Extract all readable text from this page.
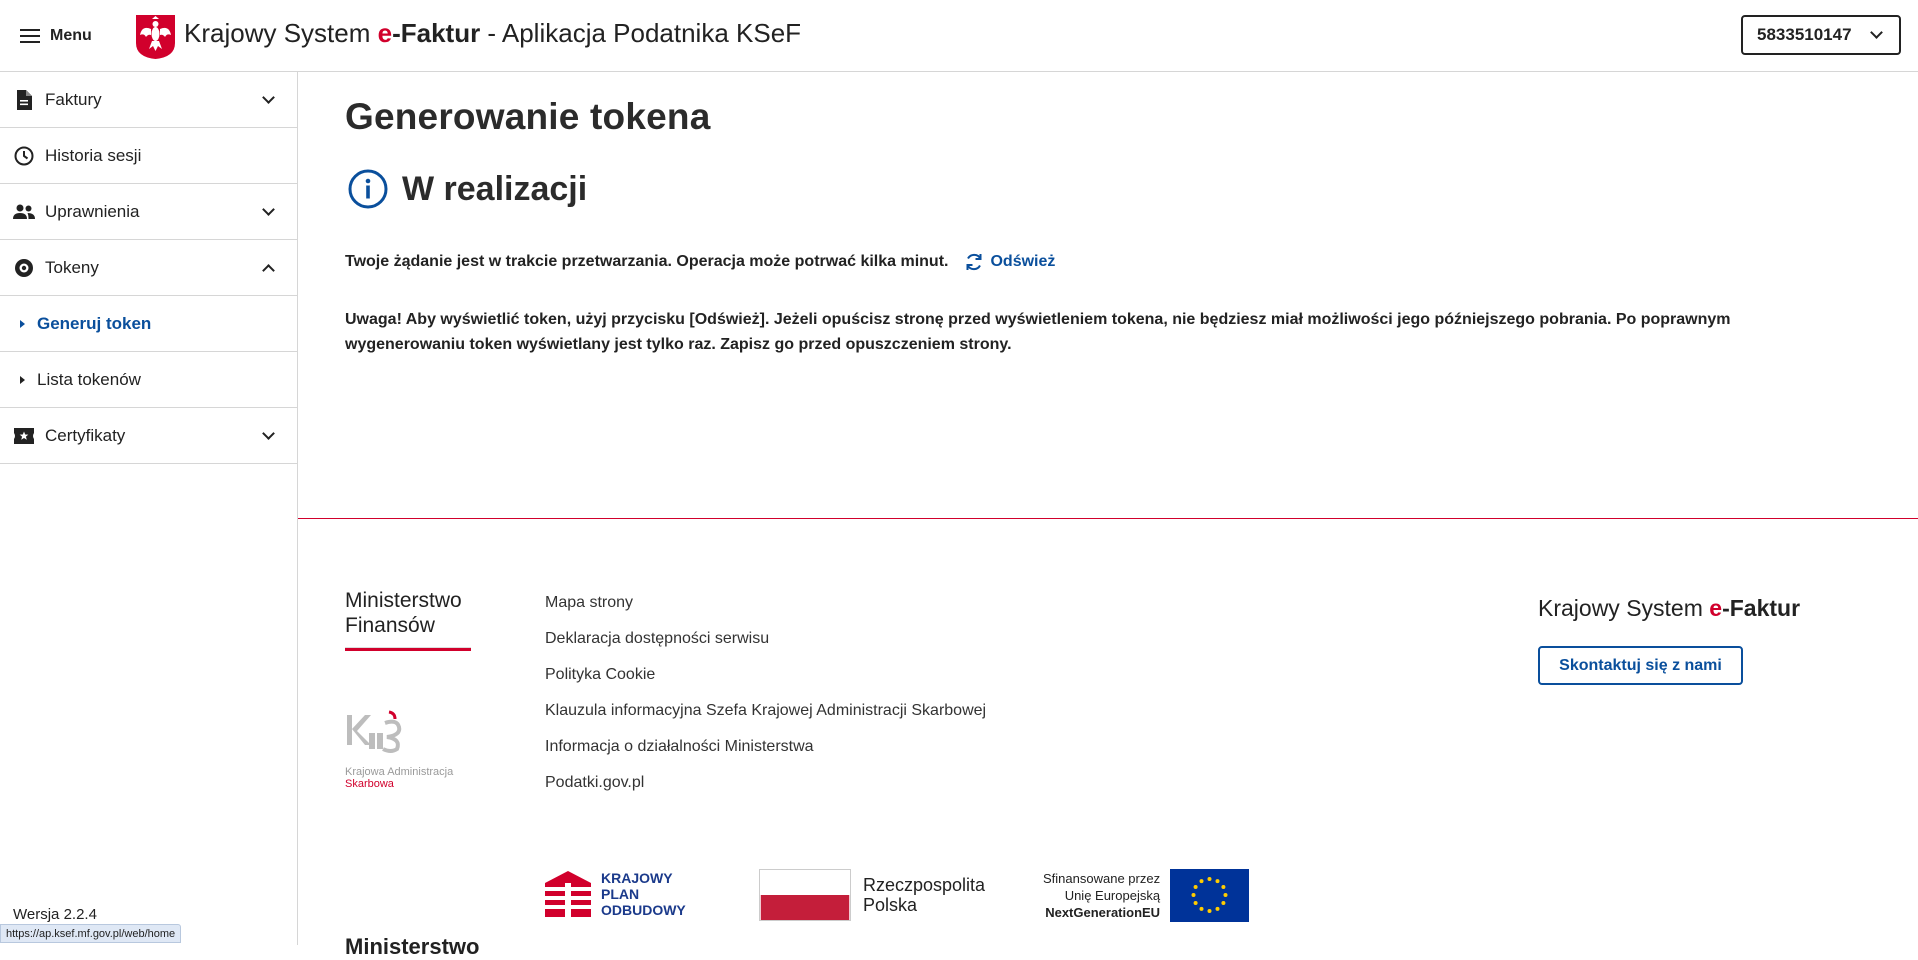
Menu	Krajowy System e-Faktur - Aplikacja Podatnika KSeF	5833510147
Faktury
Historia sesji
Uprawnienia
Tokeny
Generuj token
Lista tokenów
Certyfikaty
Wersja 2.2.4
https://ap.ksef.mf.gov.pl/web/home
Generowanie tokena
W realizacji
Twoje żądanie jest w trakcie przetwarzania. Operacja może potrwać kilka minut.	Odśwież

Uwaga! Aby wyświetlić token, użyj przycisku [Odśwież]. Jeżeli opuścisz stronę przed wyświetleniem tokena, nie będziesz miał możliwości jego późniejszego pobrania. Po poprawnym wygenerowaniu token wyświetlany jest tylko raz. Zapisz go przed opuszczeniem strony.

Ministerstwo Finansów
Krajowa Administracja
Skarbowa
Mapa strony
Deklaracja dostępności serwisu
Polityka Cookie
Klauzula informacyjna Szefa Krajowej Administracji Skarbowej
Informacja o działalności Ministerstwa
Podatki.gov.pl
Krajowy System e-Faktur
Skontaktuj się z nami
KRAJOWY
PLAN
ODBUDOWY
Rzeczpospolita
Polska
Sfinansowane przez
Unię Europejską
NextGenerationEU
Ministerstwo
